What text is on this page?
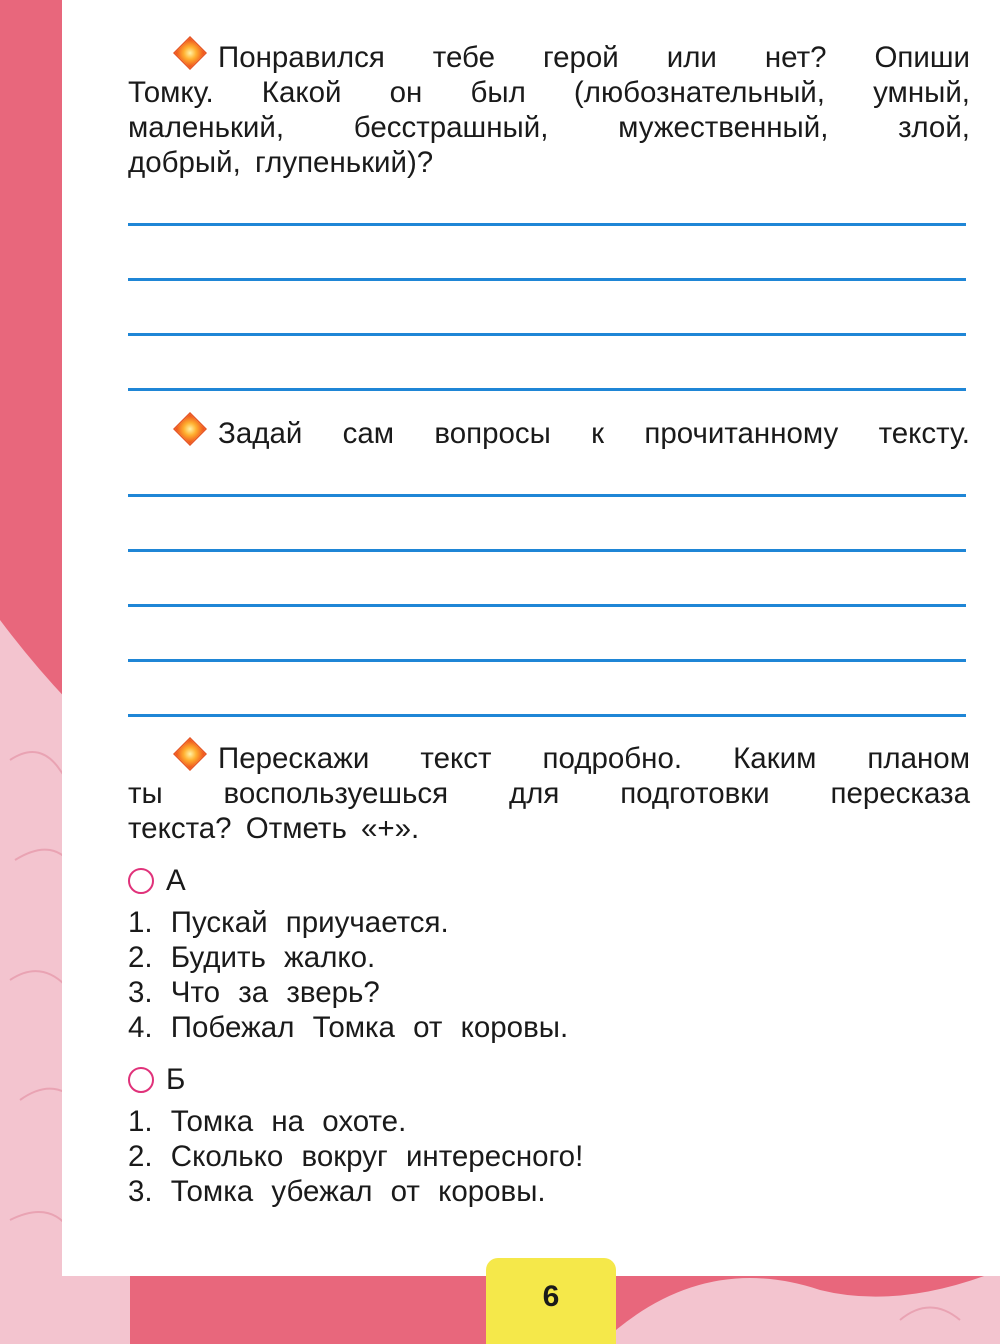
Понравился тебе герой или нет? Опиши
Томку. Какой он был (любознательный, умный,
маленький, бесстрашный, мужественный, злой,
добрый, глупенький)?
Задай сам вопросы к прочитанному тексту.
Перескажи текст подробно. Каким планом
ты воспользуешься для подготовки пересказа
текста? Отметь «+».
А
1. Пускай приучается.
2. Будить жалко.
3. Что за зверь?
4. Побежал Томка от коровы.
Б
1. Томка на охоте.
2. Сколько вокруг интересного!
3. Томка убежал от коровы.
6
